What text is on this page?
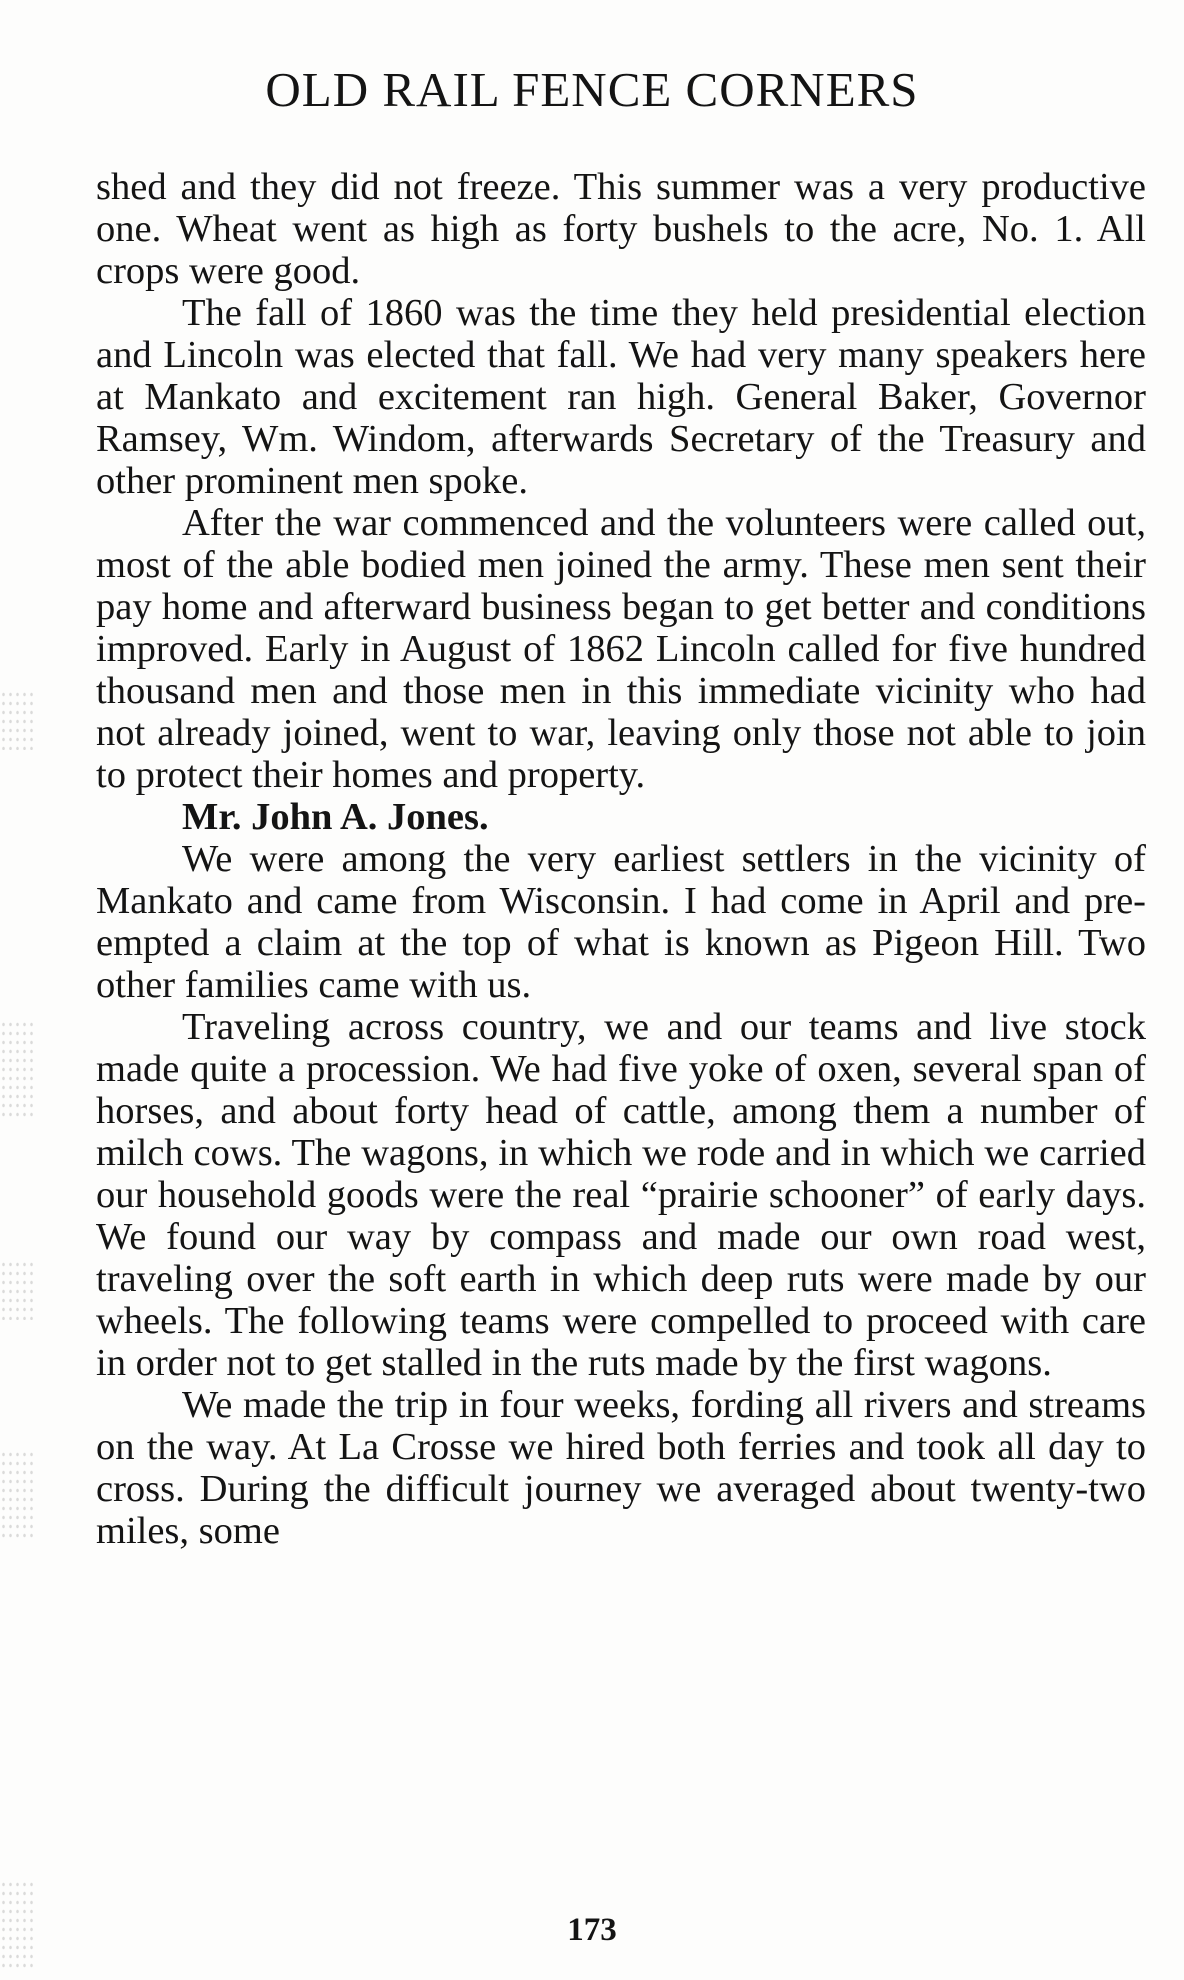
OLD RAIL FENCE CORNERS

shed and they did not freeze. This summer was a very productive one. Wheat went as high as forty bushels to the acre, No. 1. All crops were good.

The fall of 1860 was the time they held presidential election and Lincoln was elected that fall. We had very many speakers here at Mankato and excitement ran high. General Baker, Governor Ramsey, Wm. Windom, afterwards Secretary of the Treasury and other prominent men spoke.

After the war commenced and the volunteers were called out, most of the able bodied men joined the army. These men sent their pay home and afterward business began to get better and conditions improved. Early in August of 1862 Lincoln called for five hundred thousand men and those men in this immediate vicinity who had not already joined, went to war, leaving only those not able to join to protect their homes and property.

Mr. John A. Jones.

We were among the very earliest settlers in the vicinity of Mankato and came from Wisconsin. I had come in April and pre-empted a claim at the top of what is known as Pigeon Hill. Two other families came with us.

Traveling across country, we and our teams and live stock made quite a procession. We had five yoke of oxen, several span of horses, and about forty head of cattle, among them a number of milch cows. The wagons, in which we rode and in which we carried our household goods were the real “prairie schooner” of early days. We found our way by compass and made our own road west, traveling over the soft earth in which deep ruts were made by our wheels. The following teams were compelled to proceed with care in order not to get stalled in the ruts made by the first wagons.

We made the trip in four weeks, fording all rivers and streams on the way. At La Crosse we hired both ferries and took all day to cross. During the difficult journey we averaged about twenty-two miles, some

173
